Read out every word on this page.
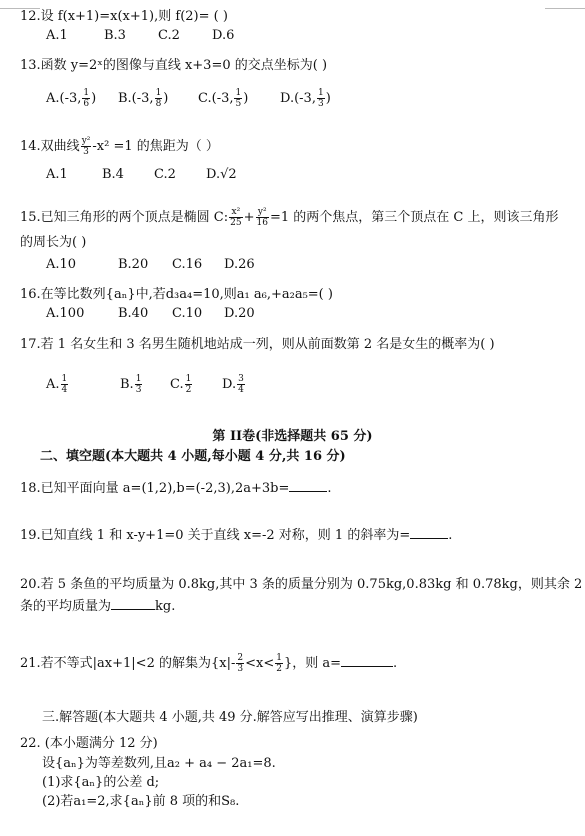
12.设 f(x+1)=x(x+1),则 f(2)= ( )
A.1	B.3 C.2 D.6
13.函数 y=2ˣ的图像与直线 x+3=0 的交点坐标为( )
A.(-3, $\frac{1}{6}$ ) B.(-3, $\frac{1}{8}$ ) C.(-3, $\frac{1}{5}$ ) D.(-3, $\frac{1}{3}$ )
14.双曲线 $\frac{\text{y²}}{3} -x^2 =1$ 的焦距为（ ）
A.1	B.4 C.2 D.√2
15.已知三角形的两个顶点是椭圆 C: $\frac{\text{x²}}{25} + \frac{\text{y²}}{16} =1$ 的两个焦点，第三个顶点在 C 上，则该三角形
的周长为( )
A.10	B.20 C.16 D.26
16.在等比数列{aₙ}中,若d₃a₄=10,则a₁ a₆,+a₂a₅=( )
A.100	B.40 C.10 D.20
17.若 1 名女生和 3 名男生随机地站成一列，则从前面数第 2 名是女生的概率为( )
A. $\frac{1}{4}$	B. $\frac{1}{3} C$. $\frac{1}{2} D$. $\frac{3}{4}$
第 II卷(非选择题共 65 分)
二、填空题(本大题共 4 小题,每小题 4 分,共 16 分)
18.已知平面向量 a=(1,2),b=(-2,3),2a+3b=	.
19.已知直线 1 和 x-y+1=0 关于直线 x=-2 对称，则 1 的斜率为=	.
20.若 5 条鱼的平均质量为 0.8kg,其中 3 条的质量分别为 0.75kg,0.83kg 和 0.78kg，则其余 2
条的平均质量为	kg.
21.若不等式|ax+1|<2 的解集为{$x|- \frac{2}{3} <x< \frac{1}{2}$ }，则 a=	.
三.解答题(本大题共 4 小题,共 49 分.解答应写出推理、演算步骤)
22. (本小题满分 12 分)
设{aₙ}为等差数列,且a₂ + a₄ − 2a₁=8.
(1)求{aₙ}的公差 d;
(2)若a₁=2,求{aₙ}前 8 项的和S₈.
